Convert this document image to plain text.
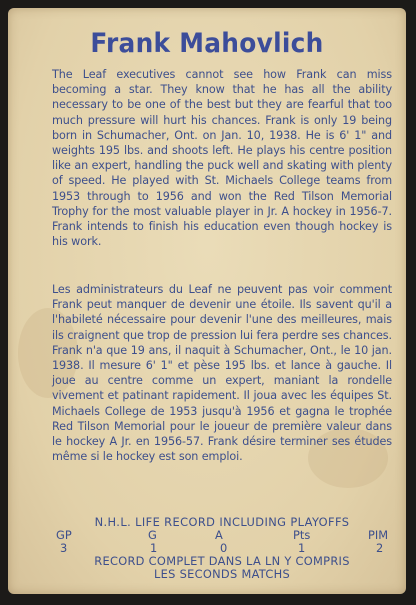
Frank Mahovlich

The Leaf executives cannot see how Frank can miss becoming a star. They know that he has all the ability necessary to be one of the best but they are fearful that too much pressure will hurt his chances. Frank is only 19 being born in Schumacher, Ont. on Jan. 10, 1938. He is 6' 1" and weights 195 lbs. and shoots left. He plays his centre position like an expert, handling the puck well and skating with plenty of speed. He played with St. Michaels College teams from 1953 through to 1956 and won the Red Tilson Memorial Trophy for the most valuable player in Jr. A hockey in 1956-7. Frank intends to finish his education even though hockey is his work.

Les administrateurs du Leaf ne peuvent pas voir comment Frank peut manquer de devenir une étoile. Ils savent qu'il a l'habileté nécessaire pour devenir l'une des meilleures, mais ils craignent que trop de pression lui fera perdre ses chances. Frank n'a que 19 ans, il naquit à Schumacher, Ont., le 10 jan. 1938. Il mesure 6' 1" et pèse 195 lbs. et lance à gauche. Il joue au centre comme un expert, maniant la rondelle vivement et patinant rapidement. Il joua avec les équipes St. Michaels College de 1953 jusqu'à 1956 et gagna le trophée Red Tilson Memorial pour le joueur de première valeur dans le hockey A Jr. en 1956-57. Frank désire terminer ses études même si le hockey est son emploi.

N.H.L. LIFE RECORD INCLUDING PLAYOFFS
GP	G	A	Pts	PIM
3	1	0	1	2
RECORD COMPLET DANS LA LN Y COMPRIS
LES SECONDS MATCHS
